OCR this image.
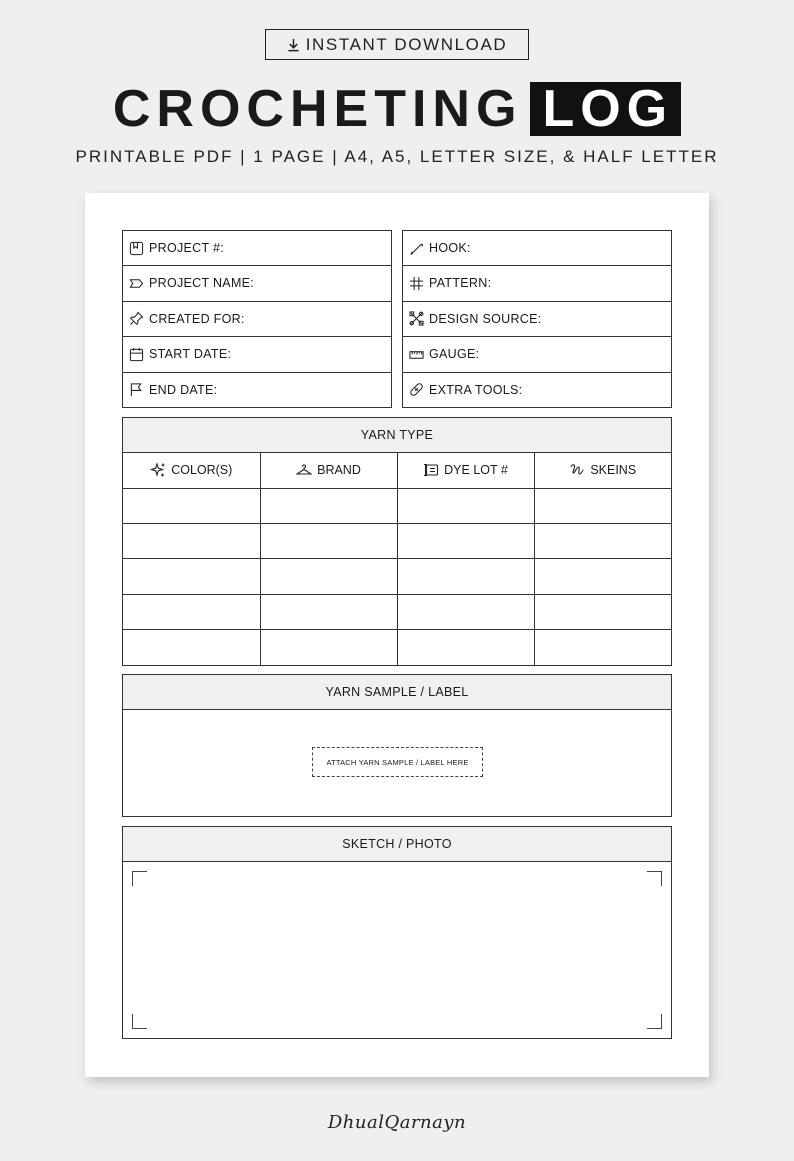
INSTANT DOWNLOAD
CROCHETING LOG
PRINTABLE PDF | 1 PAGE | A4, A5, LETTER SIZE, & HALF LETTER
PROJECT #:
PROJECT NAME:
CREATED FOR:
START DATE:
END DATE:
HOOK:
PATTERN:
DESIGN SOURCE:
GAUGE:
EXTRA TOOLS:
YARN TYPE
COLOR(S)	BRAND	DYE LOT #	SKEINS

YARN SAMPLE / LABEL
ATTACH YARN SAMPLE / LABEL HERE
SKETCH / PHOTO
DhualQarnayn
